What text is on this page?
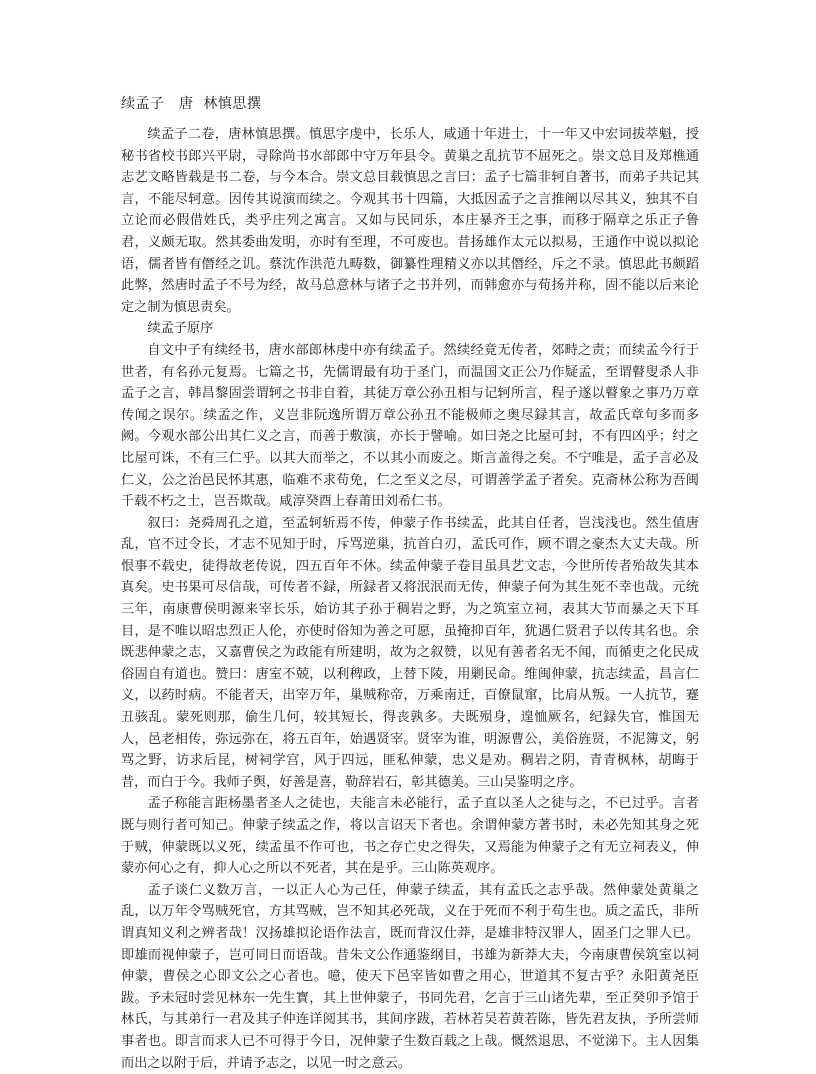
续孟子　唐  林慎思撰

续孟子二卷，唐林慎思撰。慎思字虔中，长乐人，咸通十年进士，十一年又中宏词拔萃魁，授秘书省校书郎兴平尉，寻除尚书水部郎中守万年县令。黄巢之乱抗节不屈死之。崇文总目及郑樵通志艺文略皆载是书二卷，与今本合。崇文总目载慎思之言曰：孟子七篇非轲自著书，而弟子共记其言，不能尽轲意。因传其说演而续之。今观其书十四篇，大抵因孟子之言推阐以尽其义，独其不自立论而必假借姓氏，类乎庄列之寓言。又如与民同乐，本庄暴齐王之事，而移于隔章之乐正子鲁君，义颇无取。然其委曲发明，亦时有至理，不可废也。昔扬雄作太元以拟易，王通作中说以拟论语，儒者皆有僭经之讥。蔡沈作洪范九畴数，御纂性理精义亦以其僭经，斥之不录。慎思此书颇蹈此弊，然唐时孟子不号为经，故马总意林与诸子之书并列，而韩愈亦与荀扬并称，固不能以后来论定之制为慎思责矣。

续孟子原序

自文中子有续经书，唐水部郎林虔中亦有续孟子。然续经竟无传者，郊畤之责；而续孟今行于世者，有名孙元复焉。七篇之书，先儒谓最有功于圣门，而温国文正公乃作疑孟，至谓瞽叟杀人非孟子之言，韩昌黎固尝谓轲之书非自着，其徒万章公孙丑相与记轲所言，程子遂以瞽象之事乃万章传闻之误尔。续孟之作，义岂非阮逸所谓万章公孙丑不能极师之奥尽録其言，故孟氏章句多而多阙。今观水部公出其仁义之言，而善于敷演，亦长于譬喻。如曰尧之比屋可封，不有四凶乎；纣之比屋可诛，不有三仁乎。以其大而举之，不以其小而废之。斯言盖得之矣。不宁唯是，孟子言必及仁义，公之治邑民怀其惠，临难不求苟免，仁之至义之尽，可谓善学孟子者矣。克斋林公称为吾闽千载不朽之士，岂吾欺哉。咸淳癸酉上春莆田刘希仁书。

叙曰：尧舜周孔之道，至孟轲斩焉不传，伸蒙子作书续孟，此其自任者，岂浅浅也。然生值唐乱，官不过令长，才志不见知于时，斥骂逆巢，抗首白刃，孟氏可作，顾不谓之豪杰大丈夫哉。所恨事不载史，徒得故老传说，四五百年不休。续孟伸蒙子卷目虽具艺文志，今世所传者殆故失其本真矣。史书果可尽信哉，可传者不録，所録者又将泯泯而无传，伸蒙子何为其生死不幸也哉。元统三年，南康曹侯明源来宰长乐，始访其子孙于稠岩之野，为之筑室立祠，表其大节而暴之天下耳目，是不唯以昭忠烈正人伦，亦使时俗知为善之可愿，虽掩抑百年，犹遇仁贤君子以传其名也。余既悲伸蒙之志，又嘉曹侯之为政能有所建明，故为之叙赞，以见有善者名无不闻，而循吏之化民成俗固自有道也。赞曰：唐室不兢，以利稗政，上替下陵，用剿民命。维闽伸蒙，抗志续孟，昌言仁义，以药时病。不能者天，出宰万年，巢贼称帝，万乘南迁，百僚鼠窜，比肩从叛。一人抗节，蹇丑骇乱。蒙死则那，偷生几何，较其短长，得丧孰多。夫既殒身，遑恤厥名，纪録失官，惟国无人，邑老相传，弥远弥在，将五百年，始遇贤宰。贤宰为谁，明源曹公，美俗旌贤，不泥簿文，躬骂之野，访求后昆，树祠学宫，风于四远，匪私伸蒙，忠义是劝。稠岩之阴，青青枫林，胡晦于昔，而白于今。我师子舆，好善是喜，勒辞岩石，彰其德美。三山吴鉴明之序。

孟子称能言距杨墨者圣人之徒也，夫能言未必能行，孟子直以圣人之徒与之，不已过乎。言者既与则行者可知己。伸蒙子续孟之作，将以言诏天下者也。余谓伸蒙方著书时，未必先知其身之死于贼，伸蒙既以义死，续孟虽不作可也，书之存亡史之得失，又焉能为伸蒙子之有无立祠表义，伸蒙亦何心之有，抑人心之所以不死者，其在是乎。三山陈英观序。

孟子谈仁义数万言，一以正人心为己任，伸蒙子续孟，其有孟氏之志乎哉。然伸蒙处黄巢之乱，以万年令骂贼死官，方其骂贼，岂不知其必死哉，义在于死而不利于苟生也。质之孟氏，非所谓真知义利之辨者哉！汉扬雄拟论语作法言，既而背汉仕莽，是雄非特汉罪人，固圣门之罪人已。即雄而视伸蒙子，岂可同日而语哉。昔朱文公作通鉴纲目，书雄为新莽大夫，今南康曹侯筑室以祠伸蒙，曹侯之心即文公之心者也。噫，使天下邑宰皆如曹之用心，世道其不复古乎？永阳黄尧臣跋。予未冠时尝见林东一先生寳，其上世伸蒙子，书同先君，乞言于三山诸先辈，至正癸卯予馆于林氏，与其弟行一君及其子仲连详阅其书，其间序跋，若林若吴若黄若陈，皆先君友执，予所尝师事者也。即言而求人已不可得于今日，况伸蒙子生数百载之上哉。慨然退思，不觉涕下。主人因集而出之以附于后，并请予志之，以见一时之意云。
